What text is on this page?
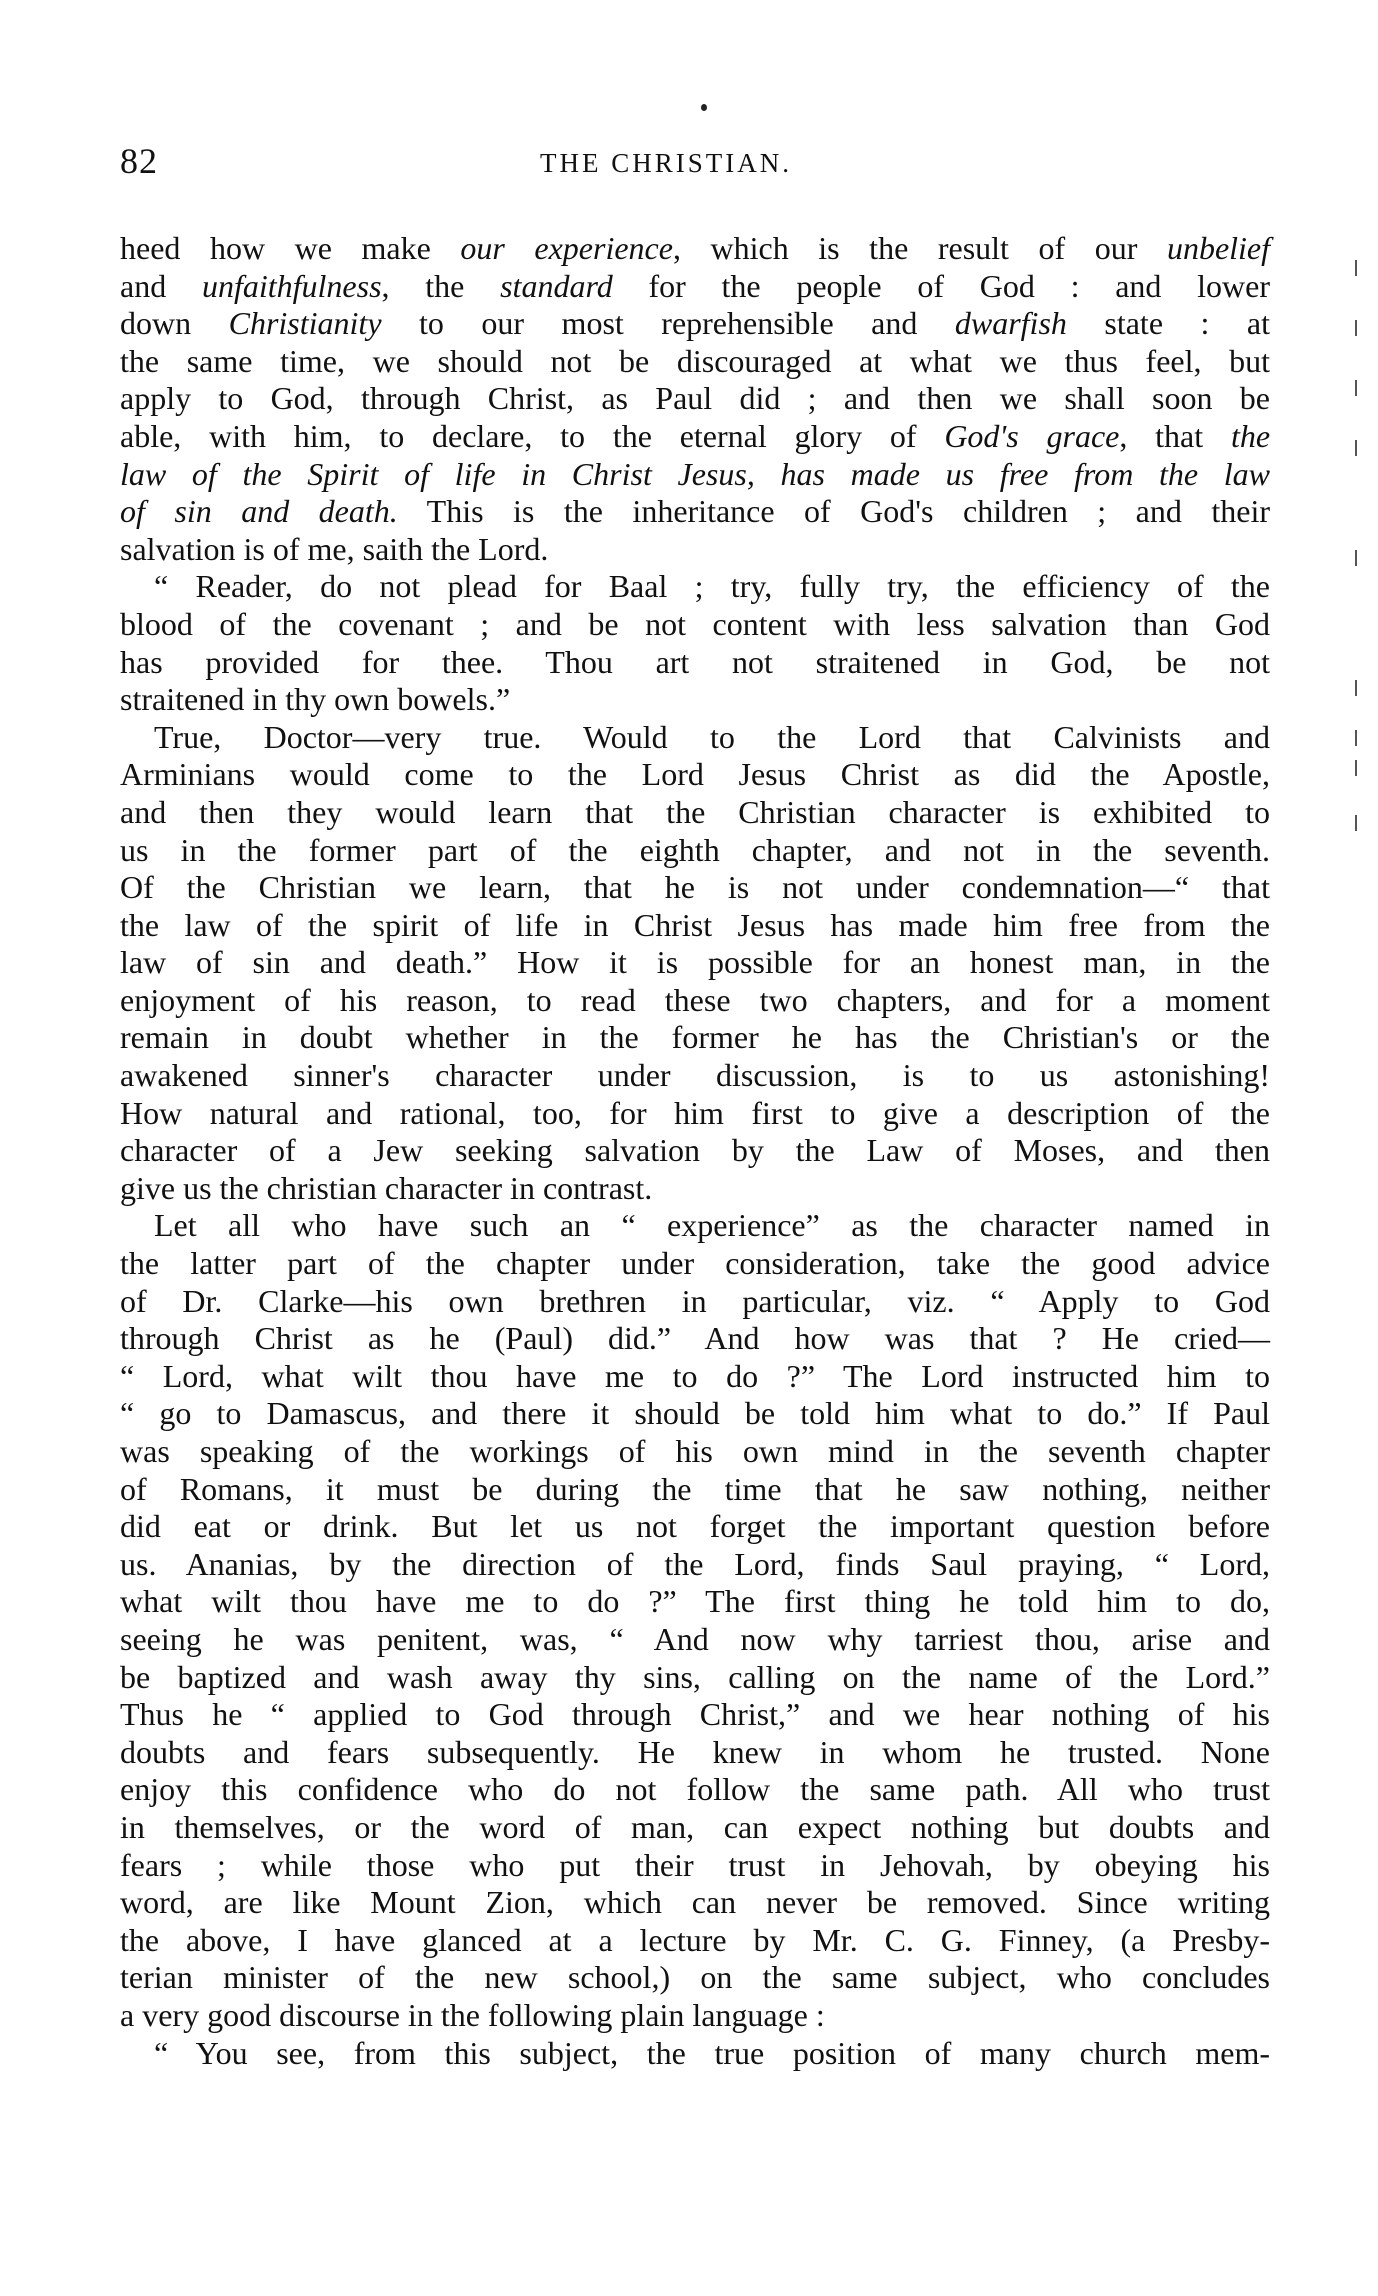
82	THE CHRISTIAN.
heed how we make our experience, which is the result of our unbelief
and unfaithfulness, the standard for the people of God : and lower
down Christianity to our most reprehensible and dwarfish state : at
the same time, we should not be discouraged at what we thus feel, but
apply to God, through Christ, as Paul did ; and then we shall soon be
able, with him, to declare, to the eternal glory of God's grace, that the
law of the Spirit of life in Christ Jesus, has made us free from the law
of sin and death. This is the inheritance of God's children ; and their
salvation is of me, saith the Lord.
“ Reader, do not plead for Baal ; try, fully try, the efficiency of the
blood of the covenant ; and be not content with less salvation than God
has provided for thee. Thou art not straitened in God, be not
straitened in thy own bowels.”
True, Doctor—very true. Would to the Lord that Calvinists and
Arminians would come to the Lord Jesus Christ as did the Apostle,
and then they would learn that the Christian character is exhibited to
us in the former part of the eighth chapter, and not in the seventh.
Of the Christian we learn, that he is not under condemnation—“ that
the law of the spirit of life in Christ Jesus has made him free from the
law of sin and death.” How it is possible for an honest man, in the
enjoyment of his reason, to read these two chapters, and for a moment
remain in doubt whether in the former he has the Christian's or the
awakened sinner's character under discussion, is to us astonishing!
How natural and rational, too, for him first to give a description of the
character of a Jew seeking salvation by the Law of Moses, and then
give us the christian character in contrast.
Let all who have such an “ experience” as the character named in
the latter part of the chapter under consideration, take the good advice
of Dr. Clarke—his own brethren in particular, viz. “ Apply to God
through Christ as he (Paul) did.” And how was that ? He cried—
“ Lord, what wilt thou have me to do ?” The Lord instructed him to
“ go to Damascus, and there it should be told him what to do.” If Paul
was speaking of the workings of his own mind in the seventh chapter
of Romans, it must be during the time that he saw nothing, neither
did eat or drink. But let us not forget the important question before
us. Ananias, by the direction of the Lord, finds Saul praying, “ Lord,
what wilt thou have me to do ?” The first thing he told him to do,
seeing he was penitent, was, “ And now why tarriest thou, arise and
be baptized and wash away thy sins, calling on the name of the Lord.”
Thus he “ applied to God through Christ,” and we hear nothing of his
doubts and fears subsequently. He knew in whom he trusted. None
enjoy this confidence who do not follow the same path. All who trust
in themselves, or the word of man, can expect nothing but doubts and
fears ; while those who put their trust in Jehovah, by obeying his
word, are like Mount Zion, which can never be removed. Since writing
the above, I have glanced at a lecture by Mr. C. G. Finney, (a Presby-
terian minister of the new school,) on the same subject, who concludes
a very good discourse in the following plain language :
“ You see, from this subject, the true position of many church mem-
